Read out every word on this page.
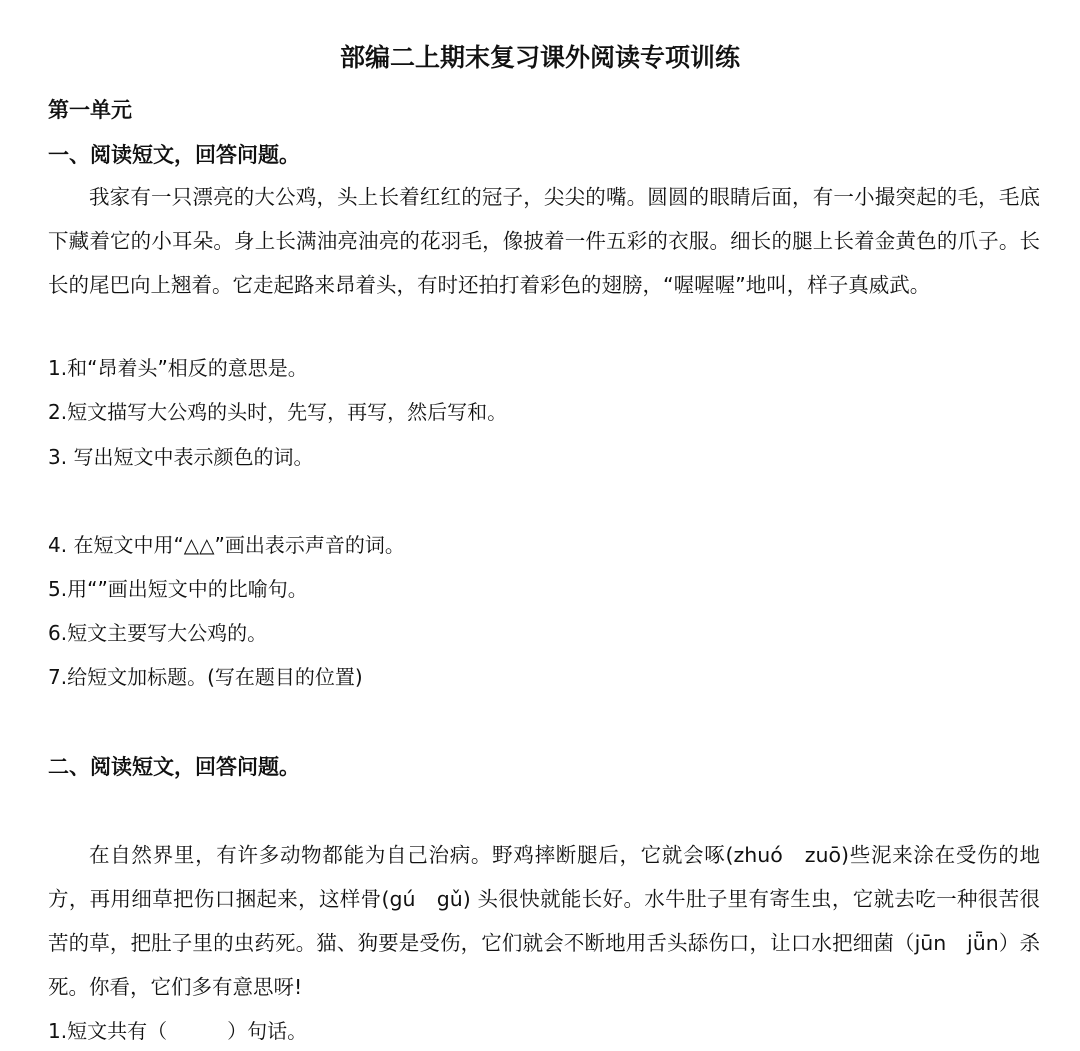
部编二上期末复习课外阅读专项训练
第一单元
一、阅读短文，回答问题。

我家有一只漂亮的大公鸡，头上长着红红的冠子，尖尖的嘴。圆圆的眼睛后面，有一小撮突起的毛，毛底下藏着它的小耳朵。身上长满油亮油亮的花羽毛，像披着一件五彩的衣服。细长的腿上长着金黄色的爪子。长长的尾巴向上翘着。它走起路来昂着头，有时还拍打着彩色的翅膀，“喔喔喔”地叫，样子真威武。

1.和“昂着头”相反的意思是。
2.短文描写大公鸡的头时，先写，再写，然后写和。
3. 写出短文中表示颜色的词。
4. 在短文中用“△△”画出表示声音的词。
5.用“”画出短文中的比喻句。
6.短文主要写大公鸡的。
7.给短文加标题。(写在题目的位置)
二、阅读短文，回答问题。

在自然界里，有许多动物都能为自己治病。野鸡摔断腿后，它就会啄(zhuó　zuō)些泥来涂在受伤的地方，再用细草把伤口捆起来，这样骨(gú　gǔ) 头很快就能长好。水牛肚子里有寄生虫，它就去吃一种很苦很苦的草，把肚子里的虫药死。猫、狗要是受伤，它们就会不断地用舌头舔伤口，让口水把细菌（jūn　jǖn）杀死。你看，它们多有意思呀!

1.短文共有（　　　）句话。
